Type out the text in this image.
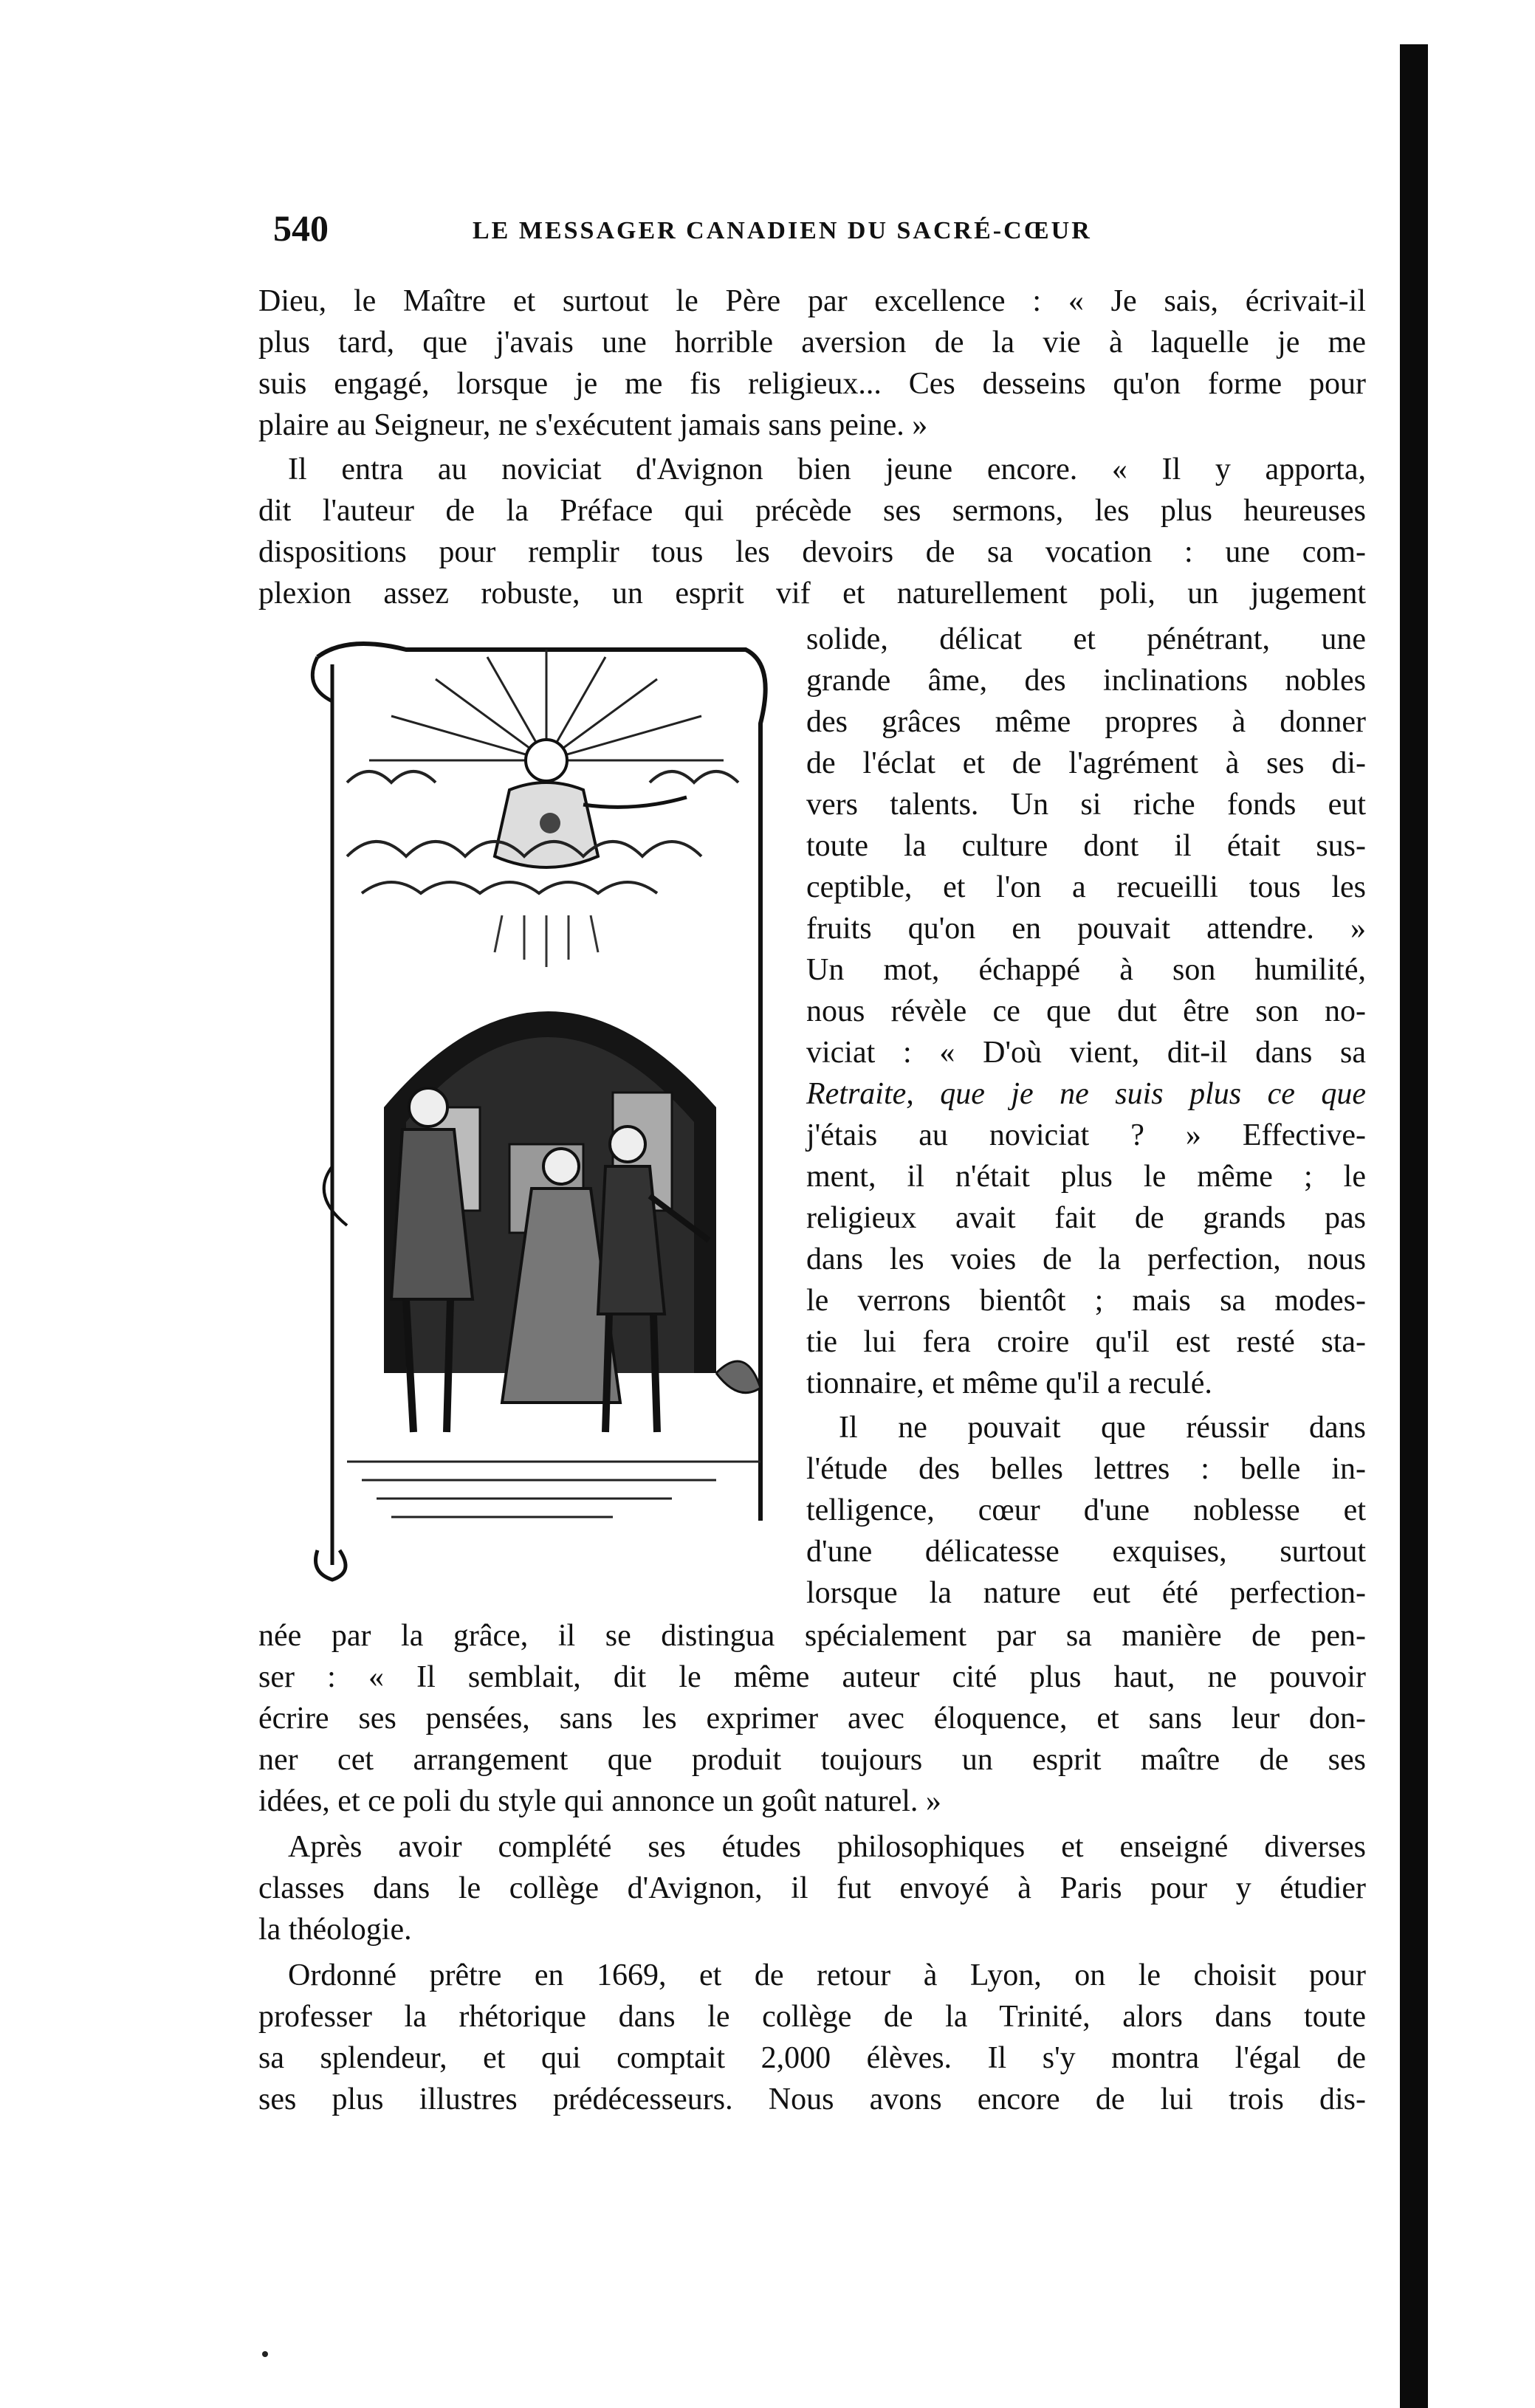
540	LE MESSAGER CANADIEN DU SACRÉ-CŒUR
Dieu, le Maître et surtout le Père par excellence : « Je sais, écrivait-il
plus tard, que j'avais une horrible aversion de la vie à laquelle je me
suis engagé, lorsque je me fis religieux... Ces desseins qu'on forme pour
plaire au Seigneur, ne s'exécutent jamais sans peine. »
Il entra au noviciat d'Avignon bien jeune encore. « Il y apporta,
dit l'auteur de la Préface qui précède ses sermons, les plus heureuses
dispositions pour remplir tous les devoirs de sa vocation : une com-
plexion assez robuste, un esprit vif et naturellement poli, un jugement
solide, délicat et pénétrant, une
grande âme, des inclinations nobles
des grâces même propres à donner
de l'éclat et de l'agrément à ses di-
vers talents. Un si riche fonds eut
toute la culture dont il était sus-
ceptible, et l'on a recueilli tous les
fruits qu'on en pouvait attendre. »
Un mot, échappé à son humilité,
nous révèle ce que dut être son no-
viciat : « D'où vient, dit-il dans sa
Retraite, que je ne suis plus ce que
j'étais au noviciat ? » Effective-
ment, il n'était plus le même ; le
religieux avait fait de grands pas
dans les voies de la perfection, nous
le verrons bientôt ; mais sa modes-
tie lui fera croire qu'il est resté sta-
tionnaire, et même qu'il a reculé.
Il ne pouvait que réussir dans
l'étude des belles lettres : belle in-
telligence, cœur d'une noblesse et
d'une délicatesse exquises, surtout
lorsque la nature eut été perfection-
née par la grâce, il se distingua spécialement par sa manière de pen-
ser : « Il semblait, dit le même auteur cité plus haut, ne pouvoir
écrire ses pensées, sans les exprimer avec éloquence, et sans leur don-
ner cet arrangement que produit toujours un esprit maître de ses
idées, et ce poli du style qui annonce un goût naturel. »
Après avoir complété ses études philosophiques et enseigné diverses
classes dans le collège d'Avignon, il fut envoyé à Paris pour y étudier
la théologie.
Ordonné prêtre en 1669, et de retour à Lyon, on le choisit pour
professer la rhétorique dans le collège de la Trinité, alors dans toute
sa splendeur, et qui comptait 2,000 élèves. Il s'y montra l'égal de
ses plus illustres prédécesseurs. Nous avons encore de lui trois dis-
